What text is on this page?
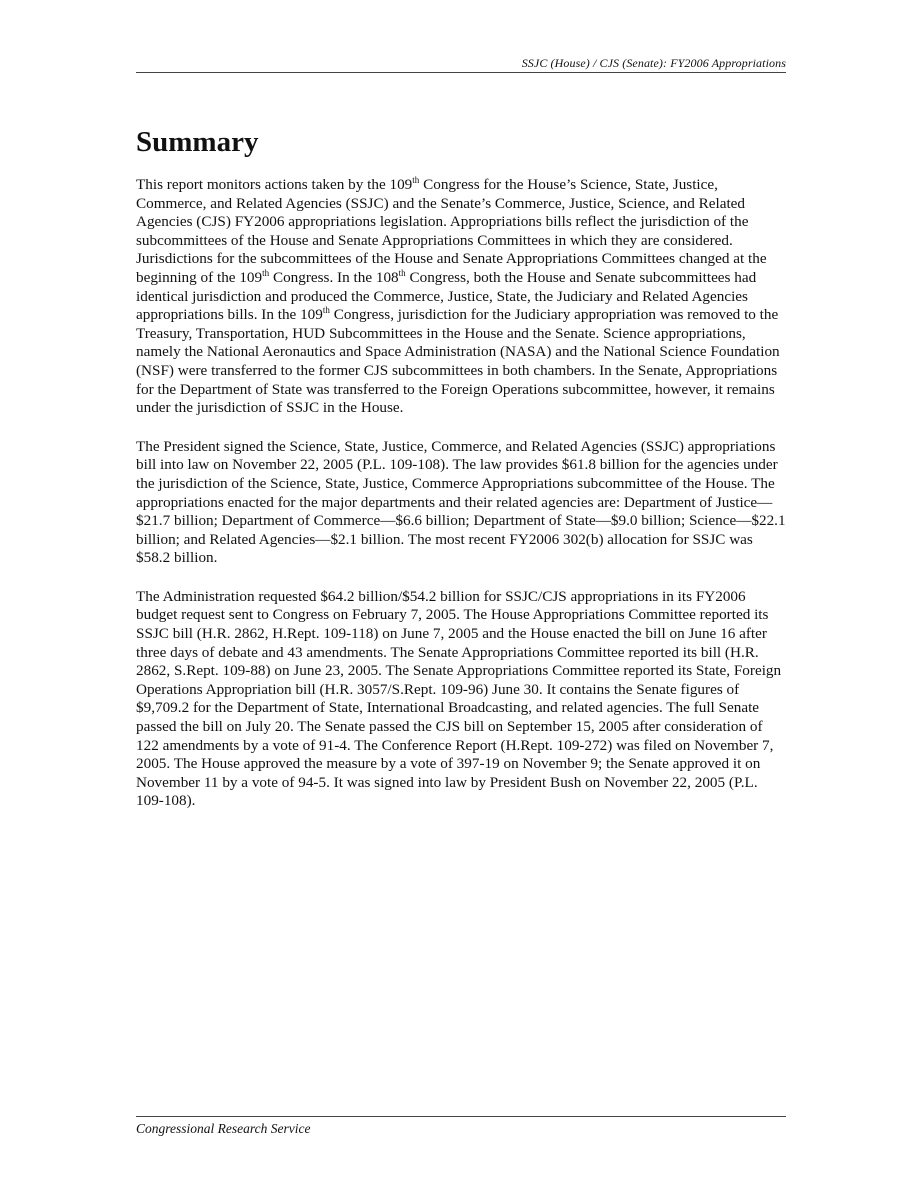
SSJC (House) / CJS (Senate): FY2006 Appropriations
Summary

This report monitors actions taken by the 109th Congress for the House’s Science, State, Justice, Commerce, and Related Agencies (SSJC) and the Senate’s Commerce, Justice, Science, and Related Agencies (CJS) FY2006 appropriations legislation. Appropriations bills reflect the jurisdiction of the subcommittees of the House and Senate Appropriations Committees in which they are considered. Jurisdictions for the subcommittees of the House and Senate Appropriations Committees changed at the beginning of the 109th Congress. In the 108th Congress, both the House and Senate subcommittees had identical jurisdiction and produced the Commerce, Justice, State, the Judiciary and Related Agencies appropriations bills. In the 109th Congress, jurisdiction for the Judiciary appropriation was removed to the Treasury, Transportation, HUD Subcommittees in the House and the Senate. Science appropriations, namely the National Aeronautics and Space Administration (NASA) and the National Science Foundation (NSF) were transferred to the former CJS subcommittees in both chambers. In the Senate, Appropriations for the Department of State was transferred to the Foreign Operations subcommittee, however, it remains under the jurisdiction of SSJC in the House.

The President signed the Science, State, Justice, Commerce, and Related Agencies (SSJC) appropriations bill into law on November 22, 2005 (P.L. 109-108). The law provides $61.8 billion for the agencies under the jurisdiction of the Science, State, Justice, Commerce Appropriations subcommittee of the House. The appropriations enacted for the major departments and their related agencies are: Department of Justice—$21.7 billion; Department of Commerce—$6.6 billion; Department of State—$9.0 billion; Science—$22.1 billion; and Related Agencies—$2.1 billion. The most recent FY2006 302(b) allocation for SSJC was $58.2 billion.

The Administration requested $64.2 billion/$54.2 billion for SSJC/CJS appropriations in its FY2006 budget request sent to Congress on February 7, 2005. The House Appropriations Committee reported its SSJC bill (H.R. 2862, H.Rept. 109-118) on June 7, 2005 and the House enacted the bill on June 16 after three days of debate and 43 amendments. The Senate Appropriations Committee reported its bill (H.R. 2862, S.Rept. 109-88) on June 23, 2005. The Senate Appropriations Committee reported its State, Foreign Operations Appropriation bill (H.R. 3057/S.Rept. 109-96) June 30. It contains the Senate figures of $9,709.2 for the Department of State, International Broadcasting, and related agencies. The full Senate passed the bill on July 20. The Senate passed the CJS bill on September 15, 2005 after consideration of 122 amendments by a vote of 91-4. The Conference Report (H.Rept. 109-272) was filed on November 7, 2005. The House approved the measure by a vote of 397-19 on November 9; the Senate approved it on November 11 by a vote of 94-5. It was signed into law by President Bush on November 22, 2005 (P.L. 109-108).

Congressional Research Service
